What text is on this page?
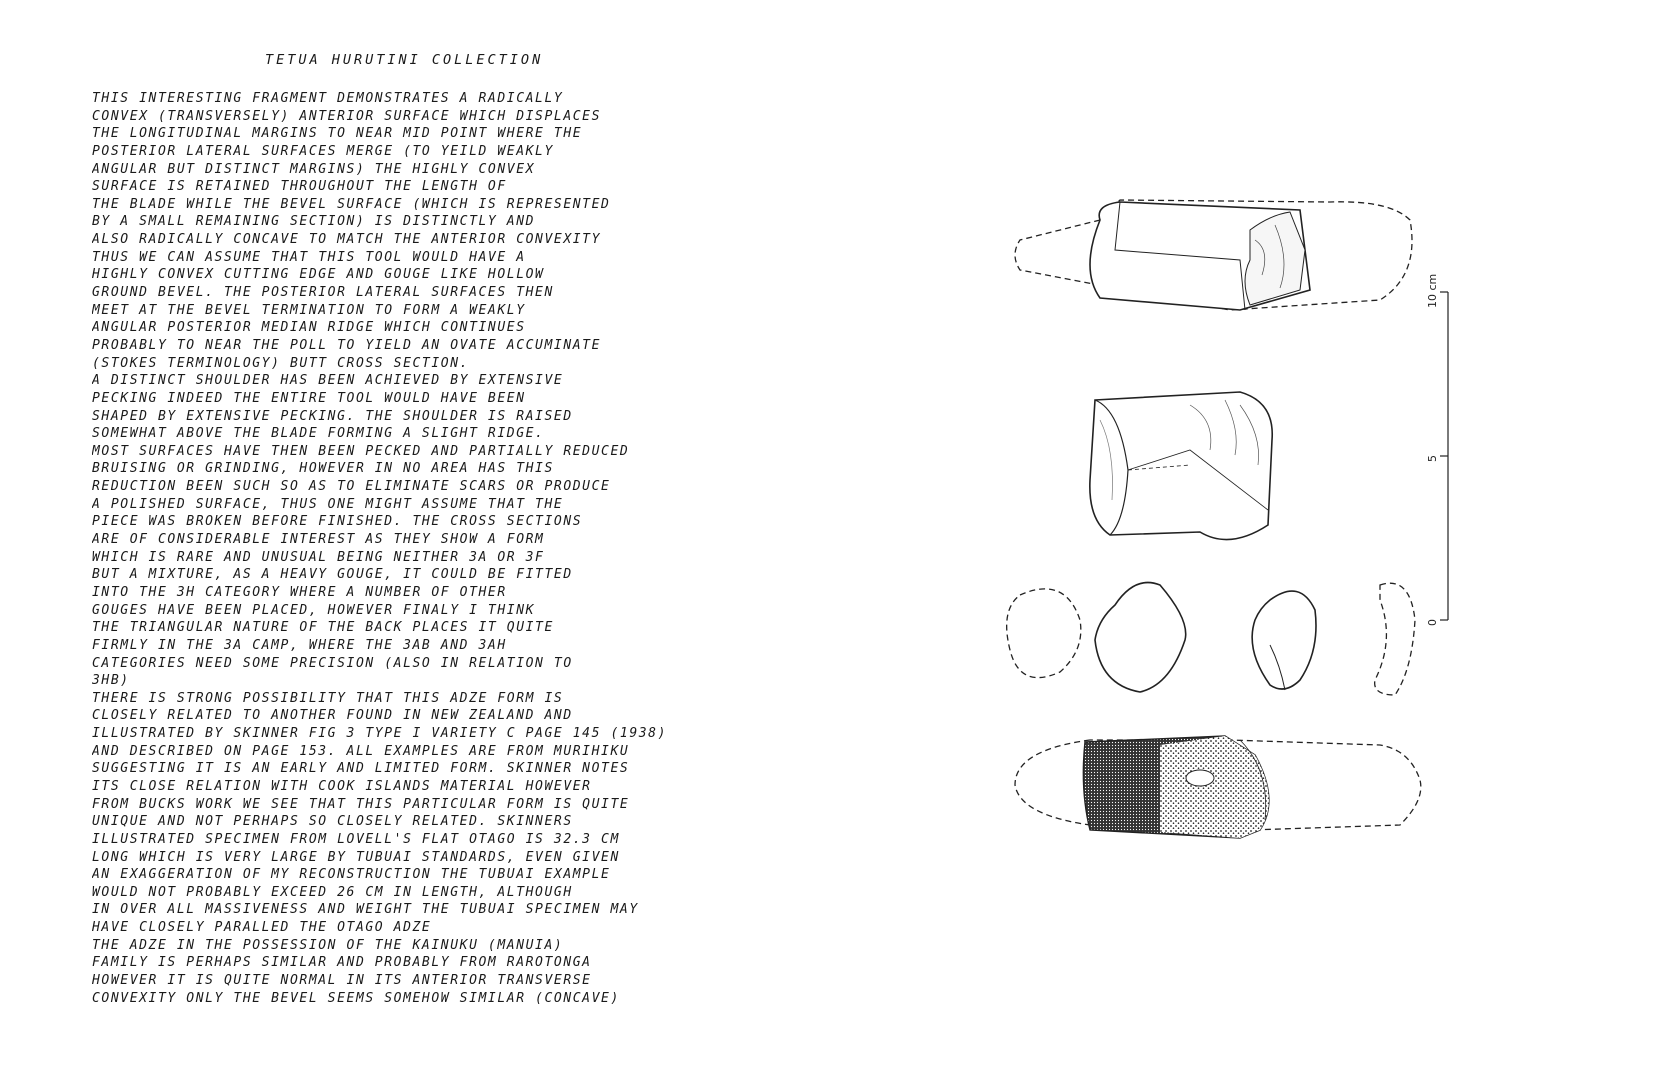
TETUA HURUTINI COLLECTION
THIS INTERESTING FRAGMENT DEMONSTRATES A RADICALLY
CONVEX (TRANSVERSELY) ANTERIOR SURFACE WHICH DISPLACES
THE LONGITUDINAL MARGINS TO NEAR MID POINT WHERE THE
POSTERIOR LATERAL SURFACES MERGE (TO YEILD WEAKLY
ANGULAR BUT DISTINCT MARGINS) THE HIGHLY CONVEX
SURFACE IS RETAINED THROUGHOUT THE LENGTH OF
THE BLADE WHILE THE BEVEL SURFACE (WHICH IS REPRESENTED
BY A SMALL REMAINING SECTION) IS DISTINCTLY AND
ALSO RADICALLY CONCAVE TO MATCH THE ANTERIOR CONVEXITY
THUS WE CAN ASSUME THAT THIS TOOL WOULD HAVE A
HIGHLY CONVEX CUTTING EDGE AND GOUGE LIKE HOLLOW
GROUND BEVEL. THE POSTERIOR LATERAL SURFACES THEN
MEET AT THE BEVEL TERMINATION TO FORM A WEAKLY
ANGULAR POSTERIOR MEDIAN RIDGE WHICH CONTINUES
PROBABLY TO NEAR THE POLL TO YIELD AN OVATE ACCUMINATE
(STOKES TERMINOLOGY) BUTT CROSS SECTION.
A DISTINCT SHOULDER HAS BEEN ACHIEVED BY EXTENSIVE
PECKING INDEED THE ENTIRE TOOL WOULD HAVE BEEN
SHAPED BY EXTENSIVE PECKING. THE SHOULDER IS RAISED
SOMEWHAT ABOVE THE BLADE FORMING A SLIGHT RIDGE.
MOST SURFACES HAVE THEN BEEN PECKED AND PARTIALLY REDUCED
BRUISING OR GRINDING, HOWEVER IN NO AREA HAS THIS
REDUCTION BEEN SUCH SO AS TO ELIMINATE SCARS OR PRODUCE
A POLISHED SURFACE, THUS ONE MIGHT ASSUME THAT THE
PIECE WAS BROKEN BEFORE FINISHED. THE CROSS SECTIONS
ARE OF CONSIDERABLE INTEREST AS THEY SHOW A FORM
WHICH IS RARE AND UNUSUAL BEING NEITHER 3A OR 3F
BUT A MIXTURE, AS A HEAVY GOUGE, IT COULD BE FITTED
INTO THE 3H CATEGORY WHERE A NUMBER OF OTHER
GOUGES HAVE BEEN PLACED, HOWEVER FINALY I THINK
THE TRIANGULAR NATURE OF THE BACK PLACES IT QUITE
FIRMLY IN THE 3A CAMP, WHERE THE 3AB AND 3AH
CATEGORIES NEED SOME PRECISION (ALSO IN RELATION TO
3HB)
THERE IS STRONG POSSIBILITY THAT THIS ADZE FORM IS
CLOSELY RELATED TO ANOTHER FOUND IN NEW ZEALAND AND
ILLUSTRATED BY SKINNER FIG 3 TYPE I VARIETY C PAGE 145 (1938)
AND DESCRIBED ON PAGE 153. ALL EXAMPLES ARE FROM MURIHIKU
SUGGESTING IT IS AN EARLY AND LIMITED FORM. SKINNER NOTES
ITS CLOSE RELATION WITH COOK ISLANDS MATERIAL HOWEVER
FROM BUCKS WORK WE SEE THAT THIS PARTICULAR FORM IS QUITE
UNIQUE AND NOT PERHAPS SO CLOSELY RELATED. SKINNERS
ILLUSTRATED SPECIMEN FROM LOVELL'S FLAT OTAGO IS 32.3 CM
LONG WHICH IS VERY LARGE BY TUBUAI STANDARDS, EVEN GIVEN
AN EXAGGERATION OF MY RECONSTRUCTION THE TUBUAI EXAMPLE
WOULD NOT PROBABLY EXCEED 26 CM IN LENGTH, ALTHOUGH
IN OVER ALL MASSIVENESS AND WEIGHT THE TUBUAI SPECIMEN MAY
HAVE CLOSELY PARALLED THE OTAGO ADZE
THE ADZE IN THE POSSESSION OF THE KAINUKU (MANUIA)
FAMILY IS PERHAPS SIMILAR AND PROBABLY FROM RAROTONGA
HOWEVER IT IS QUITE NORMAL IN ITS ANTERIOR TRANSVERSE
CONVEXITY ONLY THE BEVEL SEEMS SOMEHOW SIMILAR (CONCAVE)
10 cm
5
0
